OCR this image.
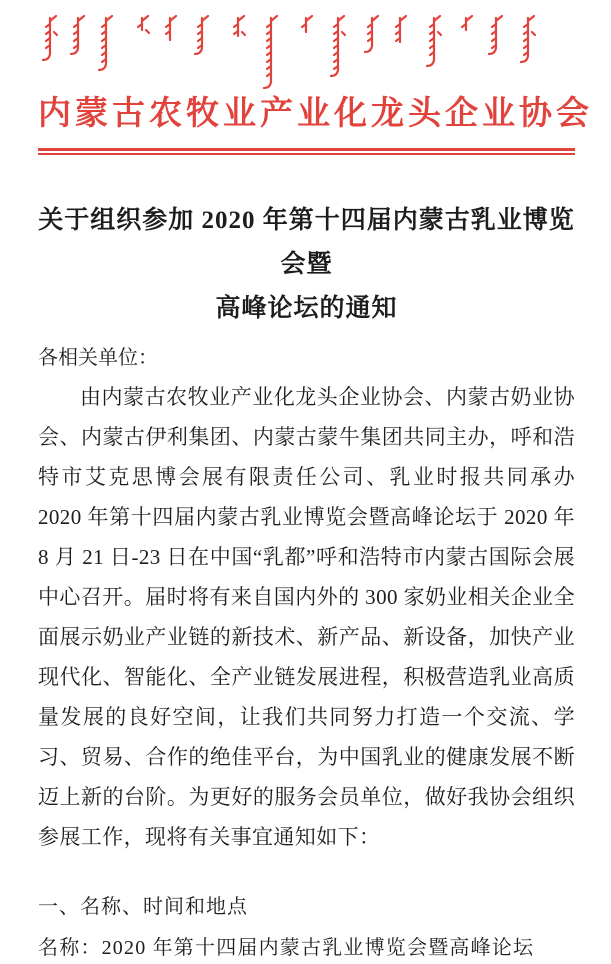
内蒙古农牧业产业化龙头企业协会
关于组织参加 2020 年第十四届内蒙古乳业博览会暨
高峰论坛的通知

各相关单位：

由内蒙古农牧业产业化龙头企业协会、内蒙古奶业协会、内蒙古伊利集团、内蒙古蒙牛集团共同主办，呼和浩特市艾克思博会展有限责任公司、乳业时报共同承办 2020 年第十四届内蒙古乳业博览会暨高峰论坛于 2020 年 8 月 21 日-23 日在中国“乳都”呼和浩特市内蒙古国际会展中心召开。届时将有来自国内外的 300 家奶业相关企业全面展示奶业产业链的新技术、新产品、新设备，加快产业现代化、智能化、全产业链发展进程，积极营造乳业高质量发展的良好空间，让我们共同努力打造一个交流、学习、贸易、合作的绝佳平台，为中国乳业的健康发展不断迈上新的台阶。为更好的服务会员单位，做好我协会组织参展工作，现将有关事宜通知如下：

一、名称、时间和地点

名称：2020 年第十四届内蒙古乳业博览会暨高峰论坛
